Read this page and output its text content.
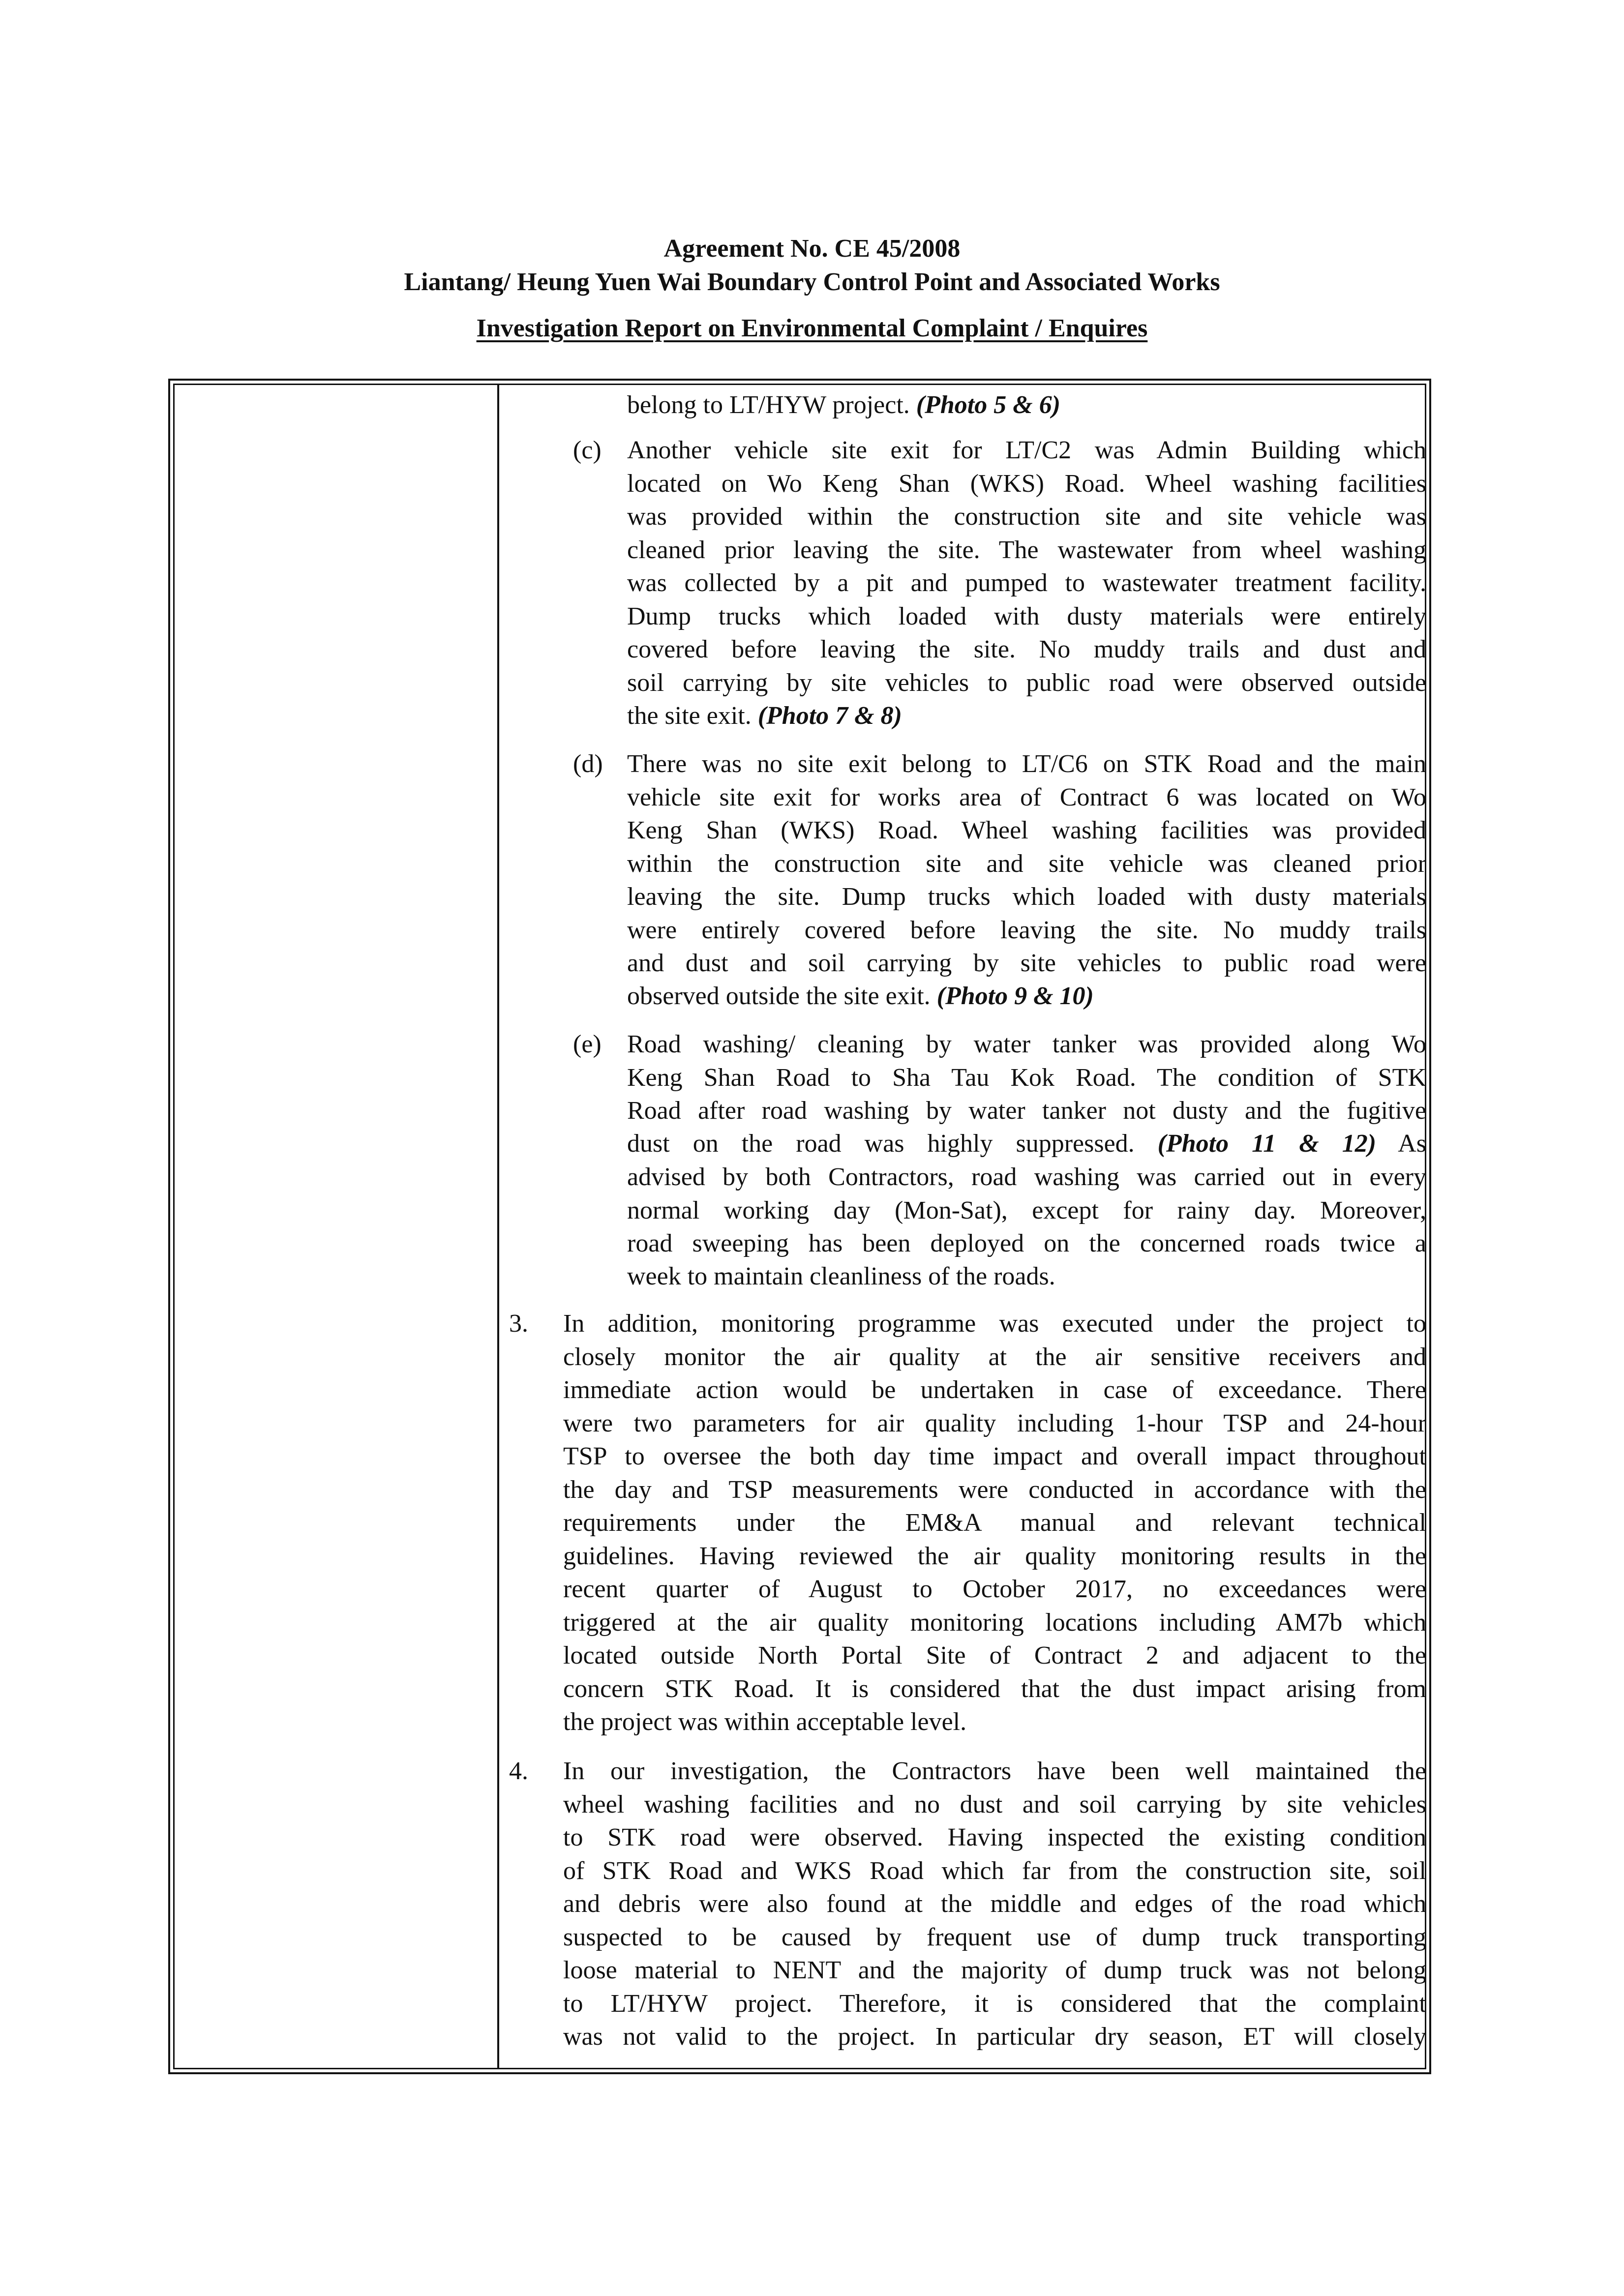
Agreement No. CE 45/2008
Liantang/ Heung Yuen Wai Boundary Control Point and Associated Works
Investigation Report on Environmental Complaint / Enquires
belong to LT/HYW project. (Photo 5 & 6)
(c) Another vehicle site exit for LT/C2 was Admin Building which
located on Wo Keng Shan (WKS) Road. Wheel washing facilities
was provided within the construction site and site vehicle was
cleaned prior leaving the site. The wastewater from wheel washing
was collected by a pit and pumped to wastewater treatment facility.
Dump trucks which loaded with dusty materials were entirely
covered before leaving the site. No muddy trails and dust and
soil carrying by site vehicles to public road were observed outside
the site exit. (Photo 7 & 8)
(d) There was no site exit belong to LT/C6 on STK Road and the main
vehicle site exit for works area of Contract 6 was located on Wo
Keng Shan (WKS) Road. Wheel washing facilities was provided
within the construction site and site vehicle was cleaned prior
leaving the site. Dump trucks which loaded with dusty materials
were entirely covered before leaving the site. No muddy trails
and dust and soil carrying by site vehicles to public road were
observed outside the site exit. (Photo 9 & 10)
(e) Road washing/ cleaning by water tanker was provided along Wo
Keng Shan Road to Sha Tau Kok Road. The condition of STK
Road after road washing by water tanker not dusty and the fugitive
dust on the road was highly suppressed. (Photo 11 & 12) As
advised by both Contractors, road washing was carried out in every
normal working day (Mon-Sat), except for rainy day. Moreover,
road sweeping has been deployed on the concerned roads twice a
week to maintain cleanliness of the roads.
3. In addition, monitoring programme was executed under the project to
closely monitor the air quality at the air sensitive receivers and
immediate action would be undertaken in case of exceedance. There
were two parameters for air quality including 1-hour TSP and 24-hour
TSP to oversee the both day time impact and overall impact throughout
the day and TSP measurements were conducted in accordance with the
requirements under the EM&A manual and relevant technical
guidelines. Having reviewed the air quality monitoring results in the
recent quarter of August to October 2017, no exceedances were
triggered at the air quality monitoring locations including AM7b which
located outside North Portal Site of Contract 2 and adjacent to the
concern STK Road. It is considered that the dust impact arising from
the project was within acceptable level.
4. In our investigation, the Contractors have been well maintained the
wheel washing facilities and no dust and soil carrying by site vehicles
to STK road were observed. Having inspected the existing condition
of STK Road and WKS Road which far from the construction site, soil
and debris were also found at the middle and edges of the road which
suspected to be caused by frequent use of dump truck transporting
loose material to NENT and the majority of dump truck was not belong
to LT/HYW project. Therefore, it is considered that the complaint
was not valid to the project. In particular dry season, ET will closely
